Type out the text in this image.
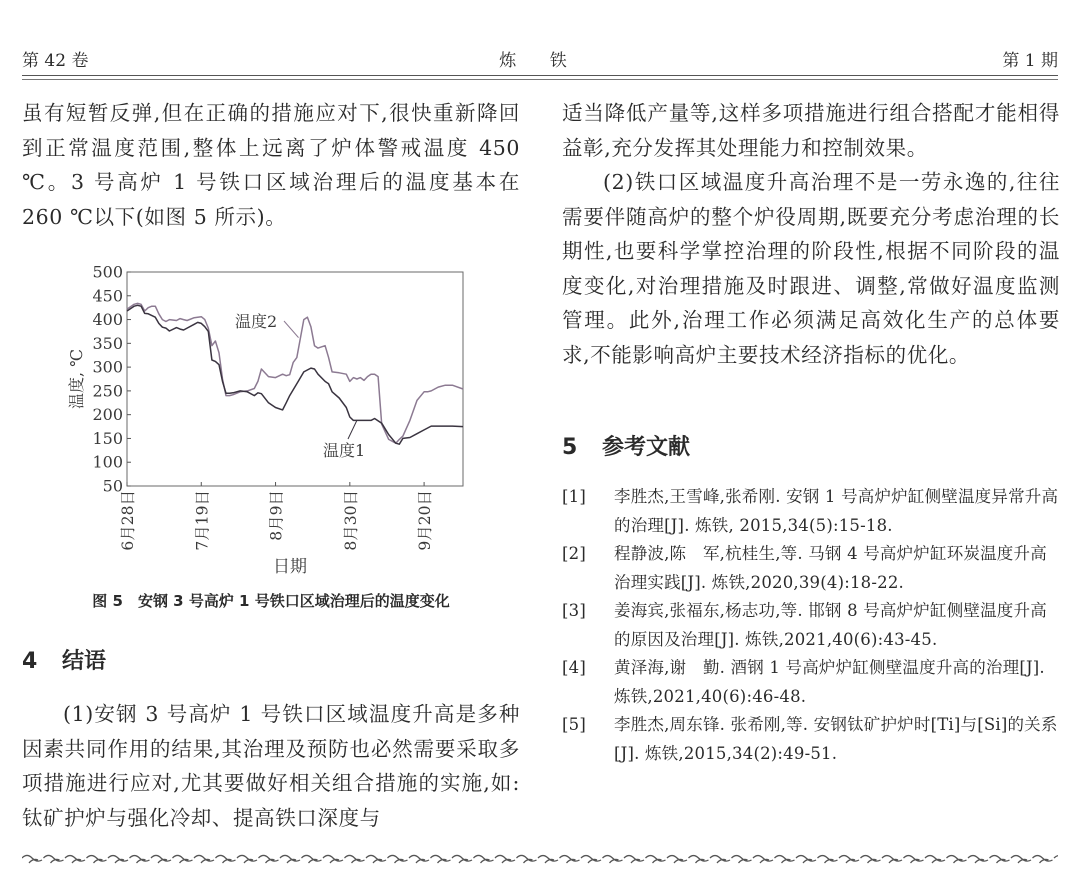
第 42 卷	炼 铁	第 1 期

虽有短暂反弹,但在正确的措施应对下,很快重新降回到正常温度范围,整体上远离了炉体警戒温度 450 ℃。3 号高炉 1 号铁口区域治理后的温度基本在 260 ℃以下(如图 5 所示)。

50
100
150
200
250
300
350
400
450
500
温度, ℃
6月28日	7月19日	8月9日	8月30日	9月20日
日期
温度2
温度1
图 5　安钢 3 号高炉 1 号铁口区域治理后的温度变化
4 结语

(1)安钢 3 号高炉 1 号铁口区域温度升高是多种因素共同作用的结果,其治理及预防也必然需要采取多项措施进行应对,尤其要做好相关组合措施的实施,如:钛矿护炉与强化冷却、提高铁口深度与

适当降低产量等,这样多项措施进行组合搭配才能相得益彰,充分发挥其处理能力和控制效果。

(2)铁口区域温度升高治理不是一劳永逸的,往往需要伴随高炉的整个炉役周期,既要充分考虑治理的长期性,也要科学掌控治理的阶段性,根据不同阶段的温度变化,对治理措施及时跟进、调整,常做好温度监测管理。此外,治理工作必须满足高效化生产的总体要求,不能影响高炉主要技术经济指标的优化。

5 参考文献
[1] 李胜杰,王雪峰,张希刚. 安钢 1 号高炉炉缸侧壁温度异常升高的治理[J]. 炼铁, 2015,34(5):15-18.
[2] 程静波,陈　军,杭桂生,等. 马钢 4 号高炉炉缸环炭温度升高治理实践[J]. 炼铁,2020,39(4):18-22.
[3] 姜海宾,张福东,杨志功,等. 邯钢 8 号高炉炉缸侧壁温度升高的原因及治理[J]. 炼铁,2021,40(6):43-45.
[4] 黄泽海,谢　勤. 酒钢 1 号高炉炉缸侧壁温度升高的治理[J]. 炼铁,2021,40(6):46-48.
[5] 李胜杰,周东锋. 张希刚,等. 安钢钛矿护炉时[Ti]与[Si]的关系[J]. 炼铁,2015,34(2):49-51.
